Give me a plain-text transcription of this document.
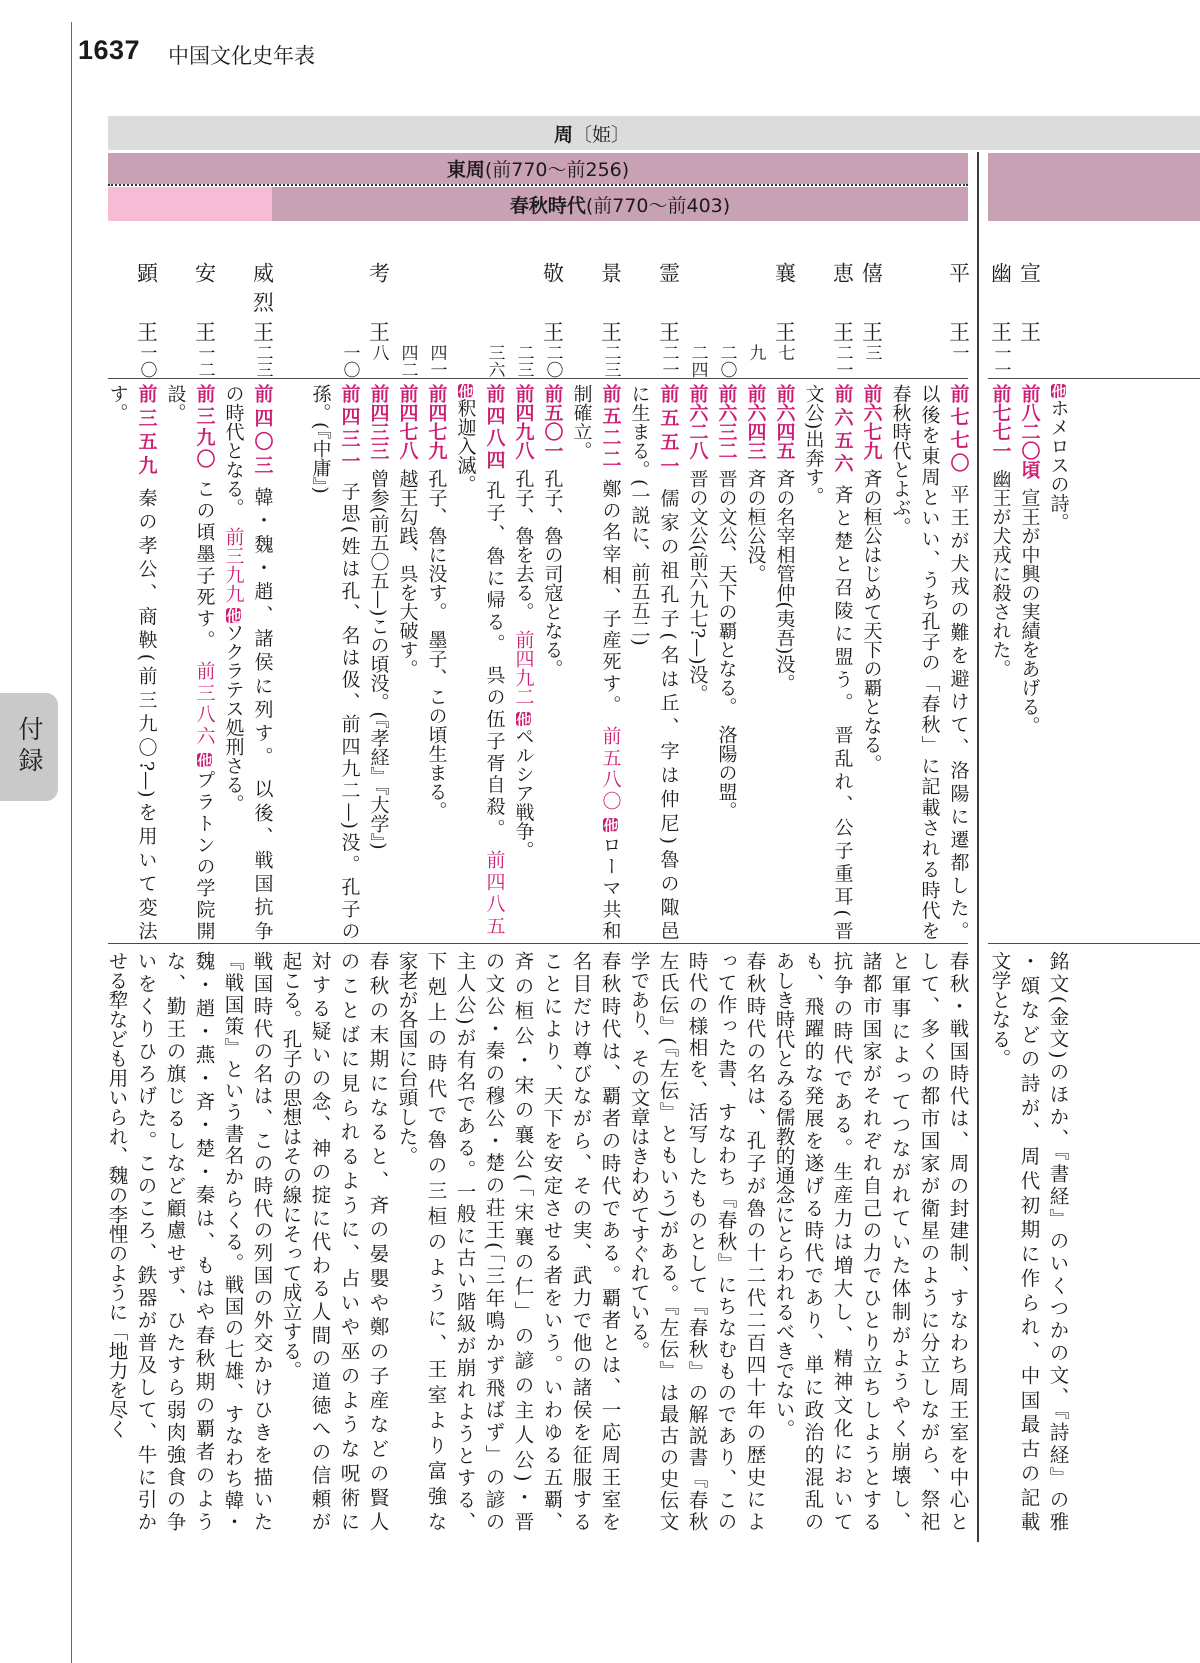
1637 中国文化史年表
付録
周 〔姫〕
東周 (前770〜前256)
春秋時代 (前770〜前403)
平王
一
前七七〇平王が犬戎の難を避けて、洛陽に遷都した。
以後を東周といい、うち孔子の「春秋」に記載される時代を
春秋時代とよぶ。
僖王
三
前六七九斉の桓公はじめて天下の覇となる。
恵王
二一
前六五六斉と楚と召陵に盟う。晋乱れ、公子重耳(晋
文公)出奔す。
襄王
七
前六四五斉の名宰相管仲(夷吾)没。
九
前六四三斉の桓公没。
二〇
前六三二晋の文公、天下の覇となる。洛陽の盟。
二四
前六二八晋の文公(前六九七?—)没。
霊王
二一
前五五一儒家の祖孔子(名は丘、字は仲尼)魯の陬邑
に生まる。(一説に、前五五二)
景王
二三
前五二二鄭の名宰相、子産死す。前五八〇他ローマ共和
制確立。
敬王
二〇
前五〇一孔子、魯の司寇となる。
二三
前四九八孔子、魯を去る。前四九二他ペルシア戦争。
三六
前四八四孔子、魯に帰る。呉の伍子胥自殺。前四八五
他釈迦入滅。
四一
前四七九孔子、魯に没す。墨子、この頃生まる。
四二
前四七八越王勾践、呉を大破す。
考王
八
前四三三曾参(前五〇五—)この頃没。(『孝経』『大学』)
一〇
前四三一子思(姓は孔、名は伋、前四九二—)没。孔子の
孫。(『中庸』)
威烈王
二三
前四〇三韓・魏・趙、諸侯に列す。以後、戦国抗争
の時代となる。前三九九他ソクラテス処刑さる。
安王
一二
前三九〇この頃墨子死す。前三八六他プラトンの学院開
設。
顕王
一〇
前三五九秦の孝公、商鞅(前三九〇?—)を用いて変法
す。	他ホメロスの詩。
宣王
前八二〇頃宣王が中興の実績をあげる。
幽王
一一
前七七一幽王が犬戎に殺された。
春秋・戦国時代は、周の封建制、すなわち周王室を中心と
して、多くの都市国家が衛星のように分立しながら、祭祀
と軍事によってつながれていた体制がようやく崩壊し、
諸都市国家がそれぞれ自己の力でひとり立ちしようとする
抗争の時代である。生産力は増大し、精神文化において
も、飛躍的な発展を遂げる時代であり、単に政治的混乱の
あしき時代とみる儒教的通念にとらわれるべきでない。
春秋時代の名は、孔子が魯の十二代二百四十年の歴史によ
って作った書、すなわち『春秋』にちなむものであり、この
時代の様相を、活写したものとして『春秋』の解説書『春秋
左氏伝』(『左伝』ともいう)がある。『左伝』は最古の史伝文
学であり、その文章はきわめてすぐれている。
春秋時代は、覇者の時代である。覇者とは、一応周王室を
名目だけ尊びながら、その実、武力で他の諸侯を征服する
ことにより、天下を安定させる者をいう。いわゆる五覇、
斉の桓公・宋の襄公(「宋襄の仁」の諺の主人公)・晋
の文公・秦の穆公・楚の荘王(「三年鳴かず飛ばず」の諺の
主人公)が有名である。一般に古い階級が崩れようとする、
下剋上の時代で魯の三桓のように、王室より富強な
家老が各国に台頭した。
春秋の末期になると、斉の晏嬰や鄭の子産などの賢人
のことばに見られるように、占いや巫のような呪術に
対する疑いの念、神の掟に代わる人間の道徳への信頼が
起こる。孔子の思想はその線にそって成立する。
戦国時代の名は、この時代の列国の外交かけひきを描いた
『戦国策』という書名からくる。戦国の七雄、すなわち韓・
魏・趙・燕・斉・楚・秦は、もはや春秋期の覇者のよう
な、勤王の旗じるしなど顧慮せず、ひたすら弱肉強食の争
いをくりひろげた。このころ、鉄器が普及して、牛に引か
せる犂なども用いられ、魏の李悝のように「地力を尽く	銘文(金文)のほか、『書経』のいくつかの文、『詩経』の雅
・頌などの詩が、周代初期に作られ、中国最古の記載
文学となる。
